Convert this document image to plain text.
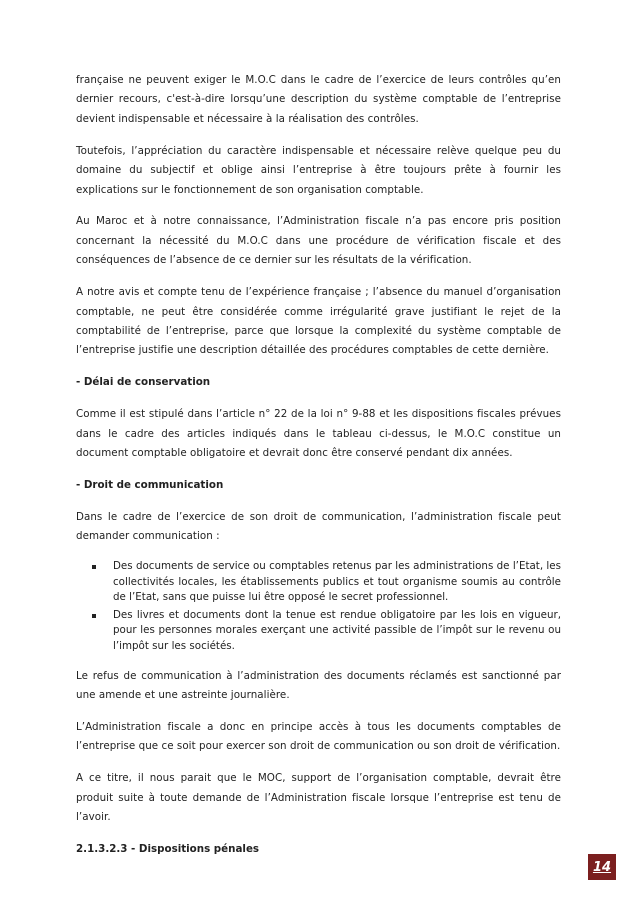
française ne peuvent exiger le M.O.C dans le cadre de l’exercice de leurs contrôles qu’en dernier recours, c'est-à-dire lorsqu’une description du système comptable de l’entreprise devient indispensable et nécessaire à la réalisation des contrôles.

Toutefois, l’appréciation du caractère indispensable et nécessaire relève quelque peu du domaine du subjectif et oblige ainsi l’entreprise à être toujours prête à fournir les explications sur le fonctionnement de son organisation comptable.

Au Maroc et à notre connaissance, l’Administration fiscale n’a pas encore pris position concernant la nécessité du M.O.C dans une procédure de vérification fiscale et des conséquences de l’absence de ce dernier sur les résultats de la vérification.

A notre avis et compte tenu de l’expérience française ; l’absence du manuel d’organisation comptable, ne peut être considérée comme irrégularité grave justifiant le rejet de la comptabilité de l’entreprise, parce que lorsque la complexité du système comptable de l’entreprise justifie une description détaillée des procédures comptables de cette dernière.

- Délai de conservation

Comme il est stipulé dans l’article n° 22 de la loi n° 9-88 et les dispositions fiscales prévues dans le cadre des articles indiqués dans le tableau ci-dessus, le M.O.C constitue un document comptable obligatoire et devrait donc être conservé pendant dix années.

- Droit de communication

Dans le cadre de l’exercice de son droit de communication, l’administration fiscale peut demander communication :

Des documents de service ou comptables retenus par les administrations de l’Etat, les collectivités locales, les établissements publics et tout organisme soumis au contrôle de l’Etat, sans que puisse lui être opposé le secret professionnel.
Des livres et documents dont la tenue est rendue obligatoire par les lois en vigueur, pour les personnes morales exerçant une activité passible de l’impôt sur le revenu ou l’impôt sur les sociétés.

Le refus de communication à l’administration des documents réclamés est sanctionné par une amende et une astreinte journalière.

L’Administration fiscale a donc en principe accès à tous les documents comptables de l’entreprise que ce soit pour exercer son droit de communication ou son droit de vérification.

A ce titre, il nous parait que le MOC, support de l’organisation comptable, devrait être produit suite à toute demande de l’Administration fiscale lorsque l’entreprise est tenu de l’avoir.

2.1.3.2.3 - Dispositions pénales
14
